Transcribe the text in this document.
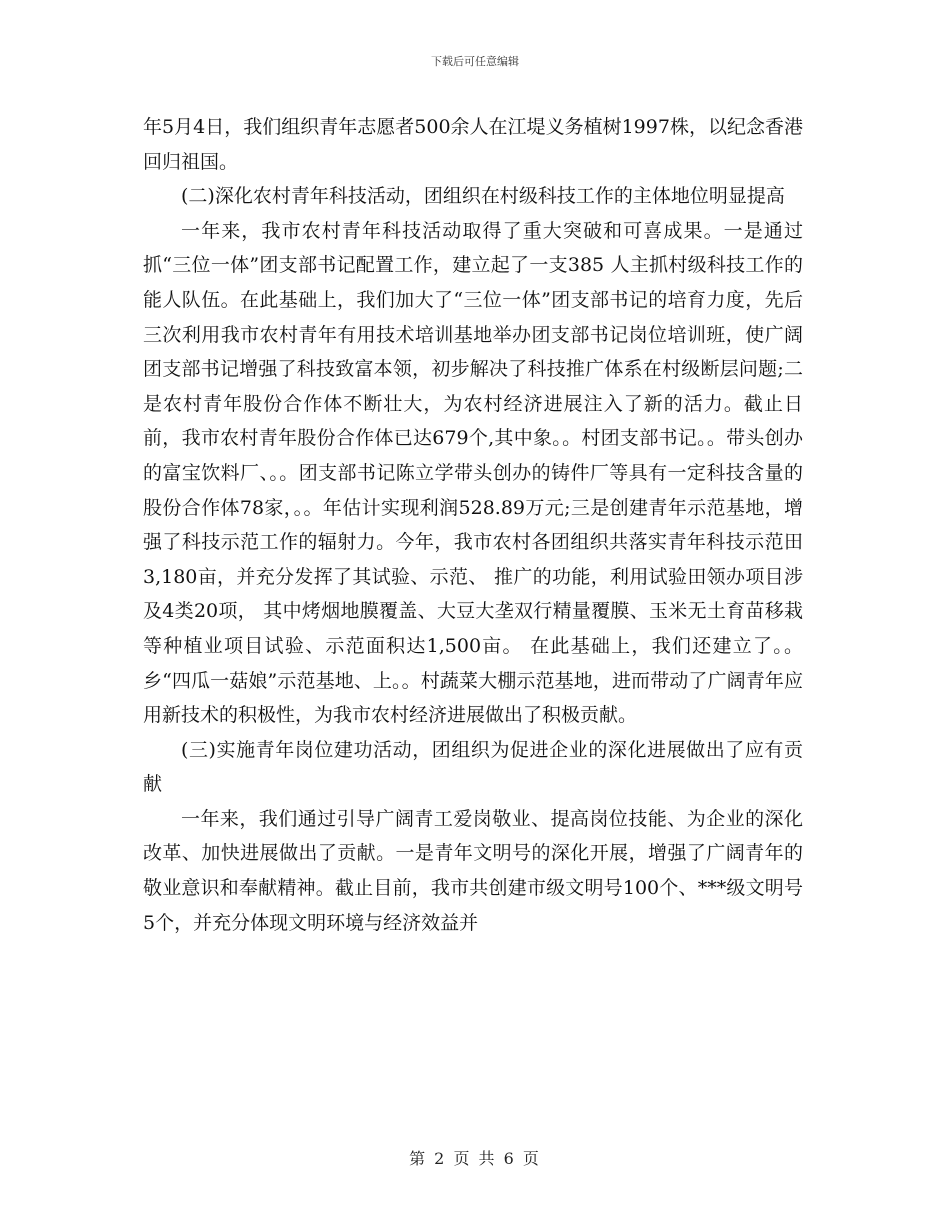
下载后可任意编辑

年5月4日，我们组织青年志愿者500余人在江堤义务植树1997株，以纪念香港回归祖国。

(二)深化农村青年科技活动，团组织在村级科技工作的主体地位明显提高

一年来，我市农村青年科技活动取得了重大突破和可喜成果。一是通过抓“三位一体”团支部书记配置工作，建立起了一支385 人主抓村级科技工作的能人队伍。在此基础上，我们加大了“三位一体”团支部书记的培育力度，先后三次利用我市农村青年有用技术培训基地举办团支部书记岗位培训班，使广阔团支部书记增强了科技致富本领，初步解决了科技推广体系在村级断层问题;二是农村青年股份合作体不断壮大，为农村经济进展注入了新的活力。截止日前，我市农村青年股份合作体已达679个,其中象。。村团支部书记。。带头创办的富宝饮料厂、。。团支部书记陈立学带头创办的铸件厂等具有一定科技含量的股份合作体78家，。。年估计实现利润528.89万元;三是创建青年示范基地，增强了科技示范工作的辐射力。今年，我市农村各团组织共落实青年科技示范田3,180亩，并充分发挥了其试验、示范、 推广的功能，利用试验田领办项目涉及4类20项， 其中烤烟地膜覆盖、大豆大垄双行精量覆膜、玉米无土育苗移栽等种植业项目试验、示范面积达1,500亩。 在此基础上，我们还建立了。。乡“四瓜一菇娘”示范基地、上。。村蔬菜大棚示范基地，进而带动了广阔青年应用新技术的积极性，为我市农村经济进展做出了积极贡献。

(三)实施青年岗位建功活动，团组织为促进企业的深化进展做出了应有贡献

一年来，我们通过引导广阔青工爱岗敬业、提高岗位技能、为企业的深化改革、加快进展做出了贡献。一是青年文明号的深化开展，增强了广阔青年的敬业意识和奉献精神。截止目前，我市共创建市级文明号100个、***级文明号5个，并充分体现文明环境与经济效益并

第 2 页 共 6 页
